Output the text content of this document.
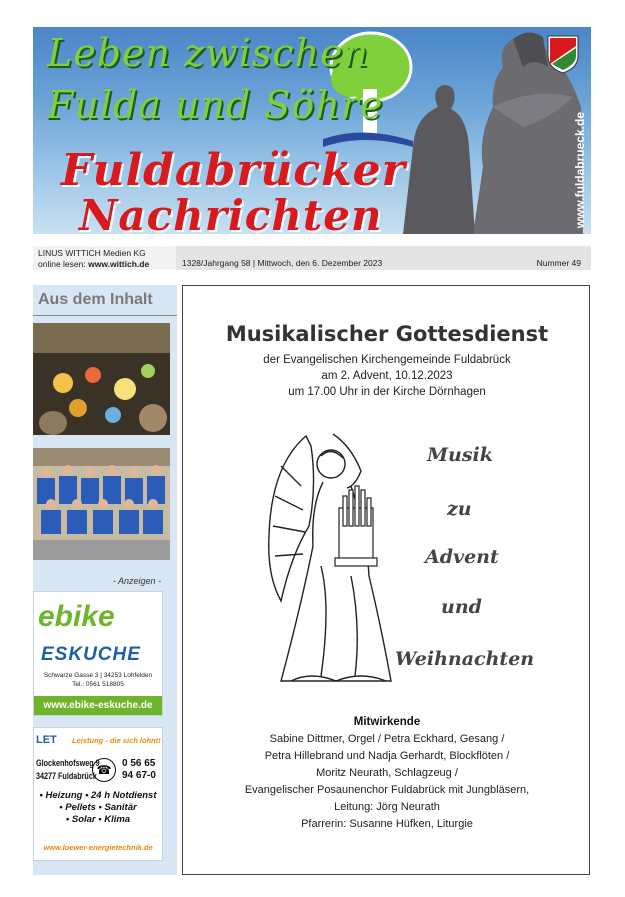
Leben zwischen
Fulda und Söhre
Fuldabrücker
Nachrichten	www.fuldabrueck.de
LINUS WITTICH Medien KG
online lesen: www.wittich.de	1328/Jahrgang 58 | Mittwoch, den 6. Dezember 2023	Nummer 49
Aus dem Inhalt
- Anzeigen -
ebike
ESKUCHE
Schwarze Gasse 3 | 34253 Lohfelden
Tel.: 0561 518805
www.ebike-eskuche.de
LET Leistung - die sich lohnt!
Glockenhofsweg 9
34277 Fuldabrück ☎	0 56 65
94 67-0
• Heizung • 24 h Notdienst
• Pellets • Sanitär
• Solar • Klima
www.loewer-energietechnik.de
Musikalischer Gottesdienst
der Evangelischen Kirchengemeinde Fuldabrück
am 2. Advent, 10.12.2023
um 17.00 Uhr in der Kirche Dörnhagen
Musik
zu
Advent
und
Weihnachten
Mitwirkende
Sabine Dittmer, Orgel / Petra Eckhard, Gesang /
Petra Hillebrand und Nadja Gerhardt, Blockflöten /
Moritz Neurath, Schlagzeug /
Evangelischer Posaunenchor Fuldabrück mit Jungbläsern,
Leitung: Jörg Neurath
Pfarrerin: Susanne Hüfken, Liturgie
